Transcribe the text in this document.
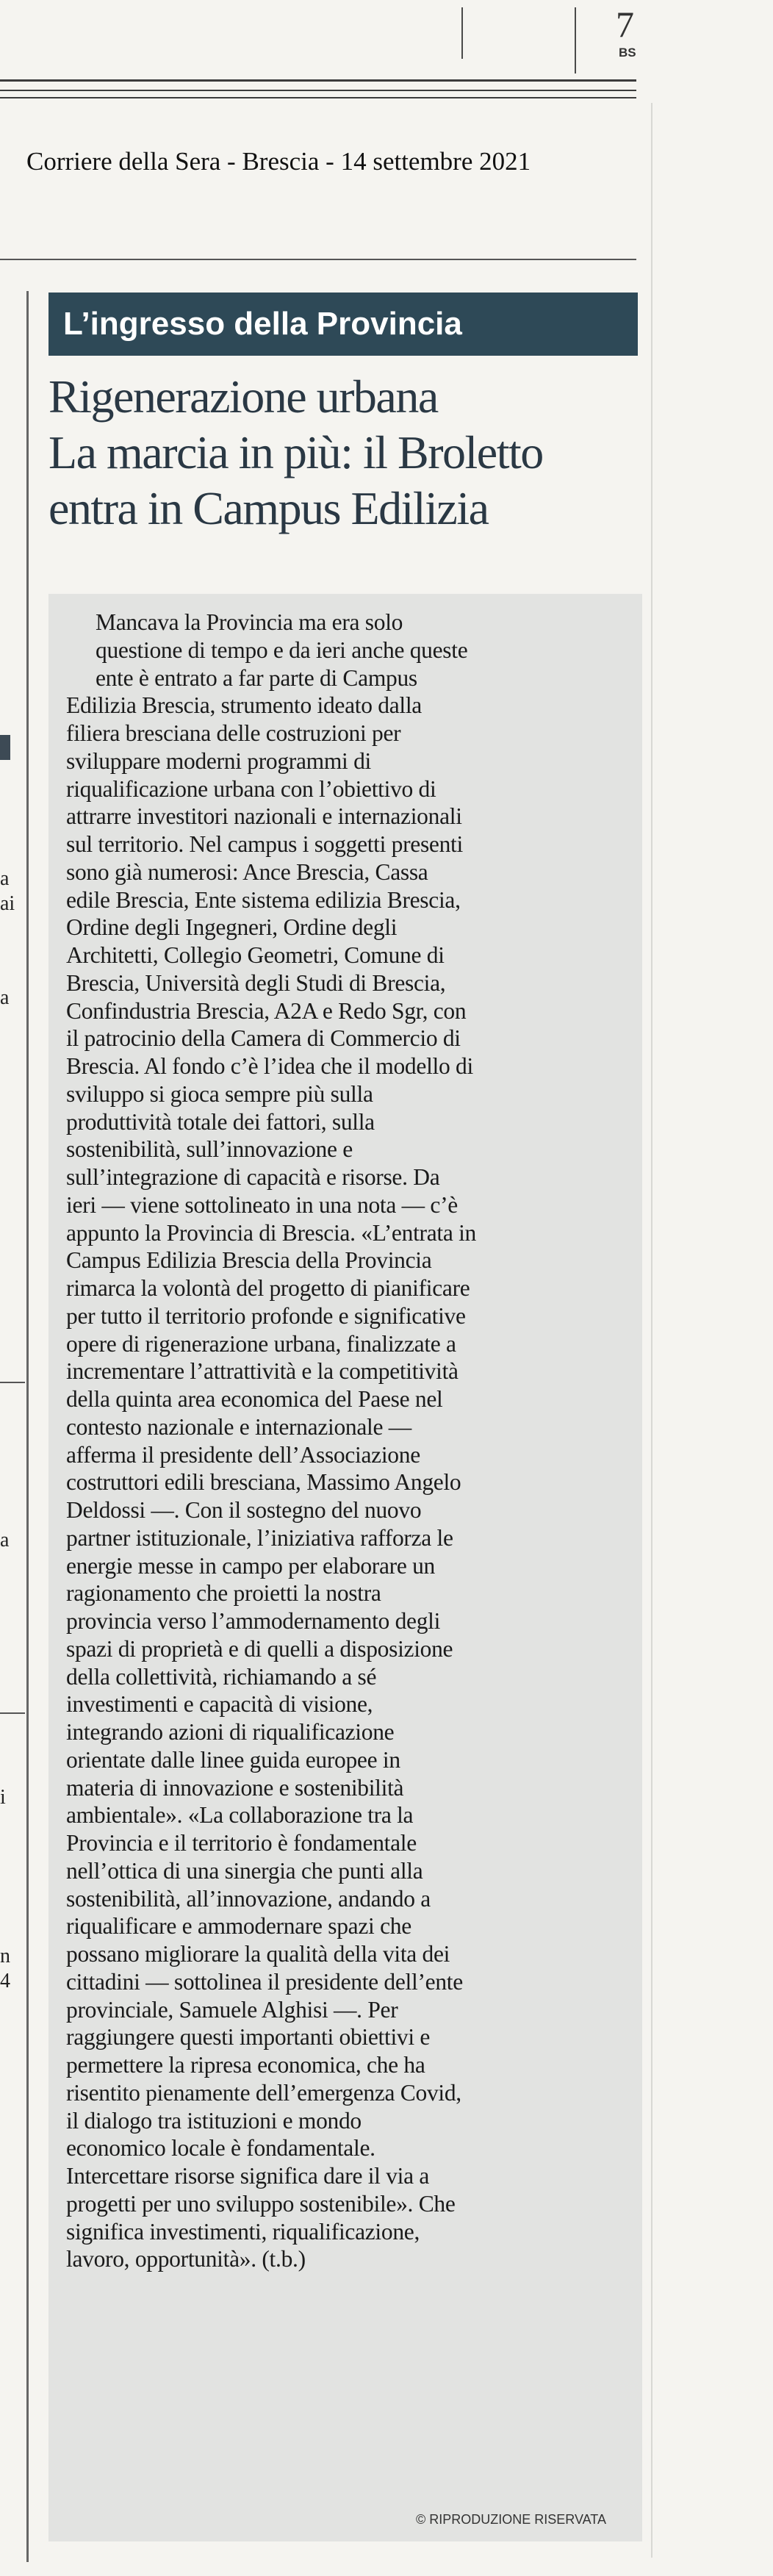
7
BS
Corriere della Sera - Brescia - 14 settembre 2021
a
ai
a
a
i
n
4
L’ingresso della Provincia
Rigenerazione urbana
La marcia in più: il Broletto
entra in Campus Edilizia
Mancava la Provincia ma era solo
questione di tempo e da ieri anche queste
ente è entrato a far parte di Campus
Edilizia Brescia, strumento ideato dalla
filiera bresciana delle costruzioni per
sviluppare moderni programmi di
riqualificazione urbana con l’obiettivo di
attrarre investitori nazionali e internazionali
sul territorio. Nel campus i soggetti presenti
sono già numerosi: Ance Brescia, Cassa
edile Brescia, Ente sistema edilizia Brescia,
Ordine degli Ingegneri, Ordine degli
Architetti, Collegio Geometri, Comune di
Brescia, Università degli Studi di Brescia,
Confindustria Brescia, A2A e Redo Sgr, con
il patrocinio della Camera di Commercio di
Brescia. Al fondo c’è l’idea che il modello di
sviluppo si gioca sempre più sulla
produttività totale dei fattori, sulla
sostenibilità, sull’innovazione e
sull’integrazione di capacità e risorse. Da
ieri — viene sottolineato in una nota — c’è
appunto la Provincia di Brescia. «L’entrata in
Campus Edilizia Brescia della Provincia
rimarca la volontà del progetto di pianificare
per tutto il territorio profonde e significative
opere di rigenerazione urbana, finalizzate a
incrementare l’attrattività e la competitività
della quinta area economica del Paese nel
contesto nazionale e internazionale —
afferma il presidente dell’Associazione
costruttori edili bresciana, Massimo Angelo
Deldossi —. Con il sostegno del nuovo
partner istituzionale, l’iniziativa rafforza le
energie messe in campo per elaborare un
ragionamento che proietti la nostra
provincia verso l’ammodernamento degli
spazi di proprietà e di quelli a disposizione
della collettività, richiamando a sé
investimenti e capacità di visione,
integrando azioni di riqualificazione
orientate dalle linee guida europee in
materia di innovazione e sostenibilità
ambientale». «La collaborazione tra la
Provincia e il territorio è fondamentale
nell’ottica di una sinergia che punti alla
sostenibilità, all’innovazione, andando a
riqualificare e ammodernare spazi che
possano migliorare la qualità della vita dei
cittadini — sottolinea il presidente dell’ente
provinciale, Samuele Alghisi —. Per
raggiungere questi importanti obiettivi e
permettere la ripresa economica, che ha
risentito pienamente dell’emergenza Covid,
il dialogo tra istituzioni e mondo
economico locale è fondamentale.
Intercettare risorse significa dare il via a
progetti per uno sviluppo sostenibile». Che
significa investimenti, riqualificazione,
lavoro, opportunità». (t.b.)
© RIPRODUZIONE RISERVATA
